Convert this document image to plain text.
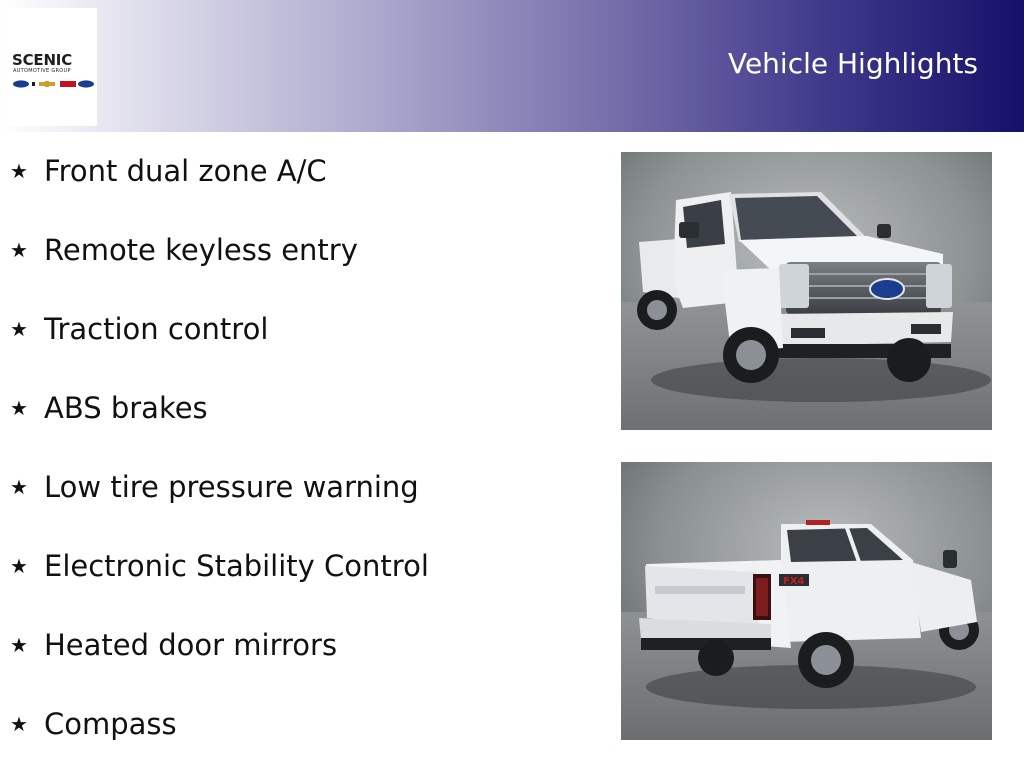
SCENIC
AUTOMOTIVE GROUP	Vehicle Highlights
★ Front dual zone A/C
★ Remote keyless entry
★ Traction control
★ ABS brakes
★ Low tire pressure warning
★ Electronic Stability Control
★ Heated door mirrors
★ Compass
FX4
